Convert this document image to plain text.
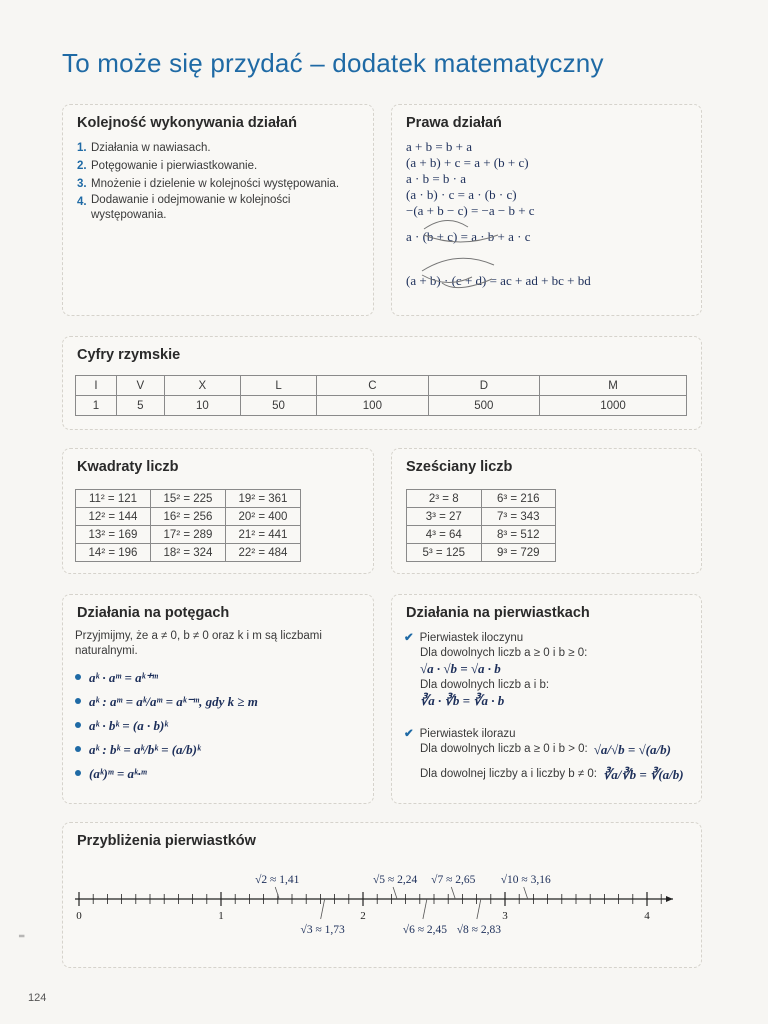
To może się przydać – dodatek matematyczny
Kolejność wykonywania działań
1. Działania w nawiasach.
2. Potęgowanie i pierwiastkowanie.
3. Mnożenie i dzielenie w kolejności występowania.
4. Dodawanie i odejmowanie w kolejności występowania.
Prawa działań
a + b = b + a
(a + b) + c = a + (b + c)
a · b = b · a
(a · b) · c = a · (b · c)
−(a + b − c) = −a − b + c
a · (b + c) = a · b + a · c
(a + b) · (c + d) = ac + ad + bc + bd
Cyfry rzymskie
I	V	X	L	C	D	M
1	5	10	50	100	500	1000
Kwadraty liczb
11² = 121	15² = 225	19² = 361
12² = 144	16² = 256	20² = 400
13² = 169	17² = 289	21² = 441
14² = 196	18² = 324	22² = 484
Sześciany liczb
2³ = 8	6³ = 216
3³ = 27	7³ = 343
4³ = 64	8³ = 512
5³ = 125	9³ = 729
Działania na potęgach
Przyjmijmy, że a ≠ 0, b ≠ 0 oraz k i m są liczbami naturalnymi.
aᵏ · aᵐ = aᵏ⁺ᵐ
aᵏ : aᵐ = aᵏ/aᵐ = aᵏ⁻ᵐ, gdy k ≥ m
aᵏ · bᵏ = (a · b)ᵏ
aᵏ : bᵏ = aᵏ/bᵏ = (a/b)ᵏ
(aᵏ)ᵐ = aᵏ·ᵐ
Działania na pierwiastkach
✔ Pierwiastek iloczynu
Dla dowolnych liczb a ≥ 0 i b ≥ 0:
√a · √b = √a · b
Dla dowolnych liczb a i b:
∛a · ∛b = ∛a · b
✔ Pierwiastek ilorazu
Dla dowolnych liczb a ≥ 0 i b > 0: √a/√b = √(a/b)
Dla dowolnej liczby a i liczby b ≠ 0: ∛a/∛b = ∛(a/b)
Przybliżenia pierwiastków
0	1	2	3	4
√2 ≈ 1,41
√3 ≈ 1,73
√5 ≈ 2,24
√6 ≈ 2,45
√7 ≈ 2,65
√8 ≈ 2,83
√10 ≈ 3,16
⁼
124
